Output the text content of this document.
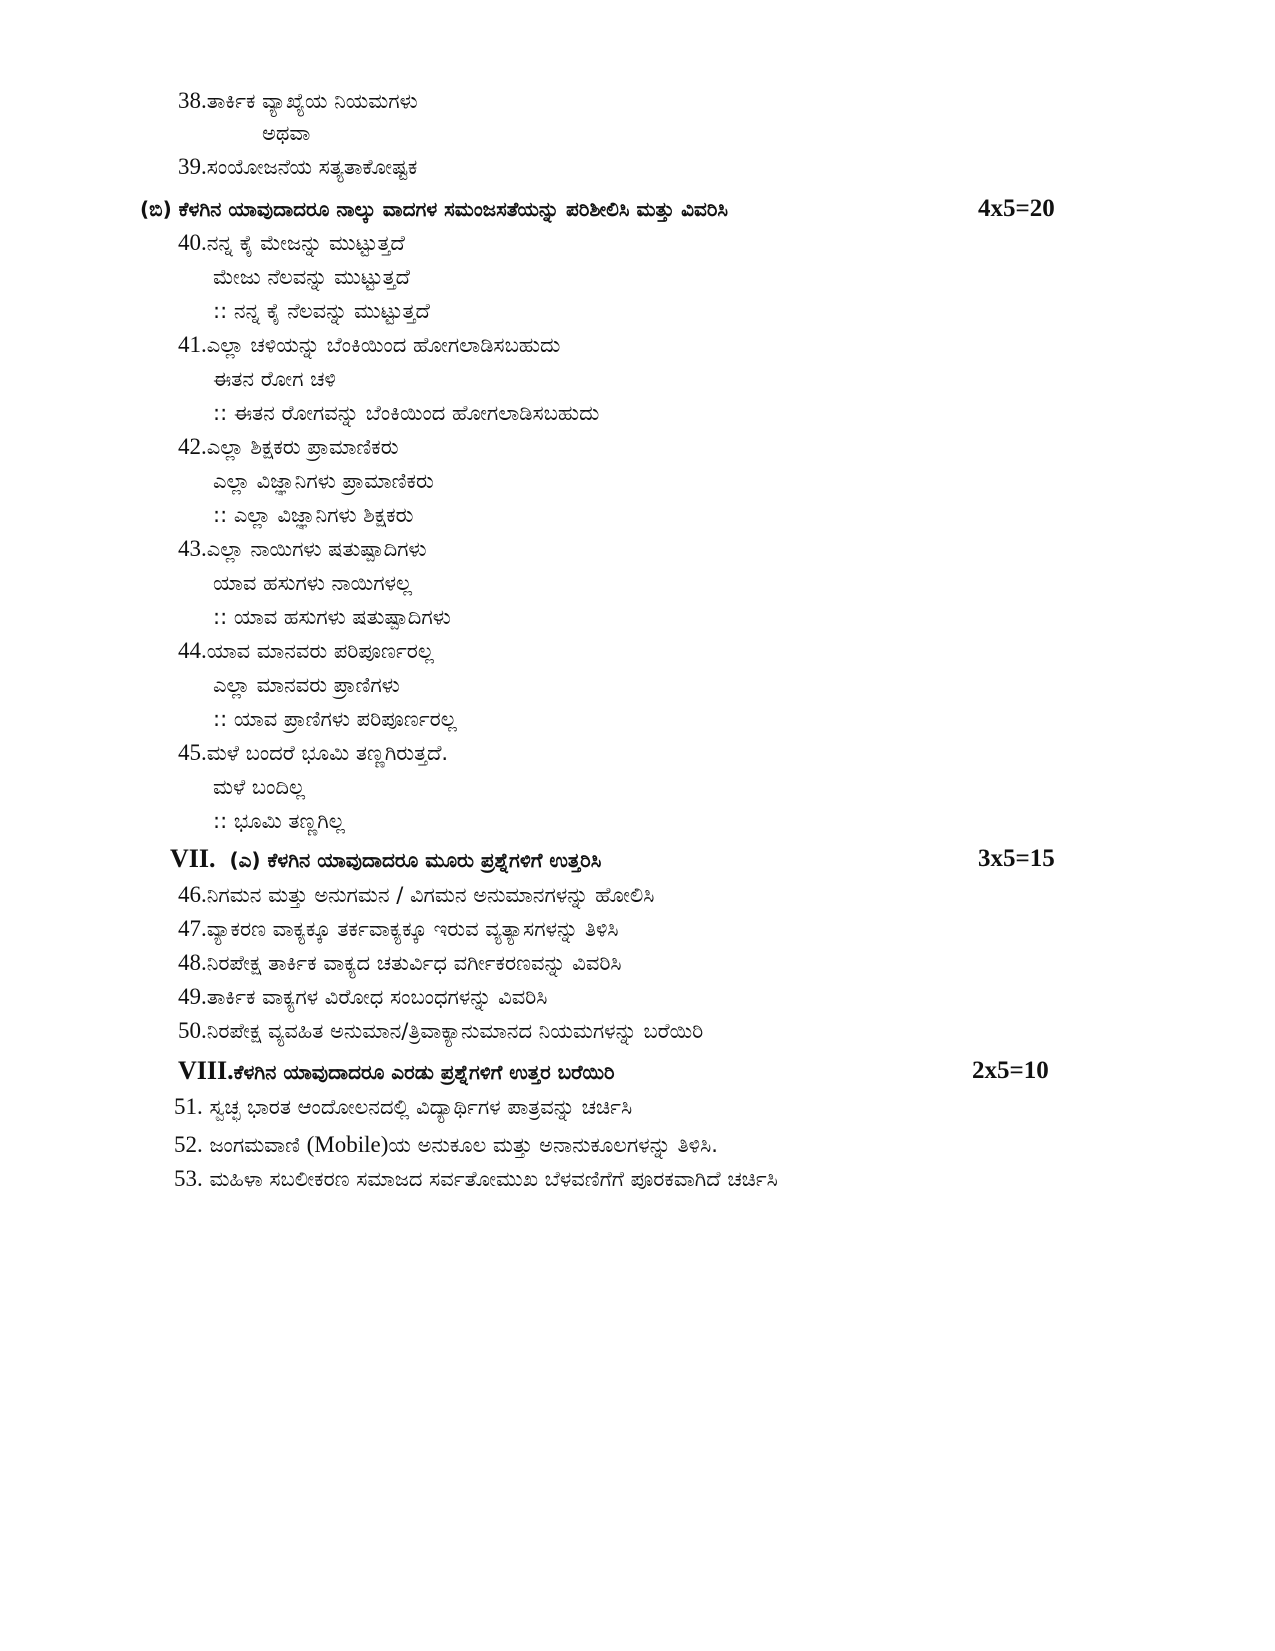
38.ತಾರ್ಕಿಕ ವ್ಯಾಖ್ಯೆಯ ನಿಯಮಗಳು
ಅಥವಾ
39.ಸಂಯೋಜನೆಯ ಸತ್ಯತಾಕೋಷ್ಟಕ
(ಬಿ) ಕೆಳಗಿನ ಯಾವುದಾದರೂ ನಾಲ್ಕು ವಾದಗಳ ಸಮಂಜಸತೆಯನ್ನು ಪರಿಶೀಲಿಸಿ ಮತ್ತು ವಿವರಿಸಿ	4x5=20
40.ನನ್ನ ಕೈ ಮೇಜನ್ನು ಮುಟ್ಟುತ್ತದೆ
ಮೇಜು ನೆಲವನ್ನು ಮುಟ್ಟುತ್ತದೆ
:: ನನ್ನ ಕೈ ನೆಲವನ್ನು ಮುಟ್ಟುತ್ತದೆ
41.ಎಲ್ಲಾ ಚಳಿಯನ್ನು ಬೆಂಕಿಯಿಂದ ಹೋಗಲಾಡಿಸಬಹುದು
ಈತನ ರೋಗ ಚಳಿ
:: ಈತನ ರೋಗವನ್ನು ಬೆಂಕಿಯಿಂದ ಹೋಗಲಾಡಿಸಬಹುದು
42.ಎಲ್ಲಾ ಶಿಕ್ಷಕರು ಪ್ರಾಮಾಣಿಕರು
ಎಲ್ಲಾ ವಿಜ್ಞಾನಿಗಳು ಪ್ರಾಮಾಣಿಕರು
:: ಎಲ್ಲಾ ವಿಜ್ಞಾನಿಗಳು ಶಿಕ್ಷಕರು
43.ಎಲ್ಲಾ ನಾಯಿಗಳು ಷತುಷ್ಪಾದಿಗಳು
ಯಾವ ಹಸುಗಳು ನಾಯಿಗಳಲ್ಲ
:: ಯಾವ ಹಸುಗಳು ಷತುಷ್ಪಾದಿಗಳು
44.ಯಾವ ಮಾನವರು ಪರಿಪೂರ್ಣರಲ್ಲ
ಎಲ್ಲಾ ಮಾನವರು ಪ್ರಾಣಿಗಳು
:: ಯಾವ ಪ್ರಾಣಿಗಳು ಪರಿಪೂರ್ಣರಲ್ಲ
45.ಮಳೆ ಬಂದರೆ ಭೂಮಿ ತಣ್ಣಗಿರುತ್ತದೆ.
ಮಳೆ ಬಂದಿಲ್ಲ
:: ಭೂಮಿ ತಣ್ಣಗಿಲ್ಲ
VII. (ಎ) ಕೆಳಗಿನ ಯಾವುದಾದರೂ ಮೂರು ಪ್ರಶ್ನೆಗಳಿಗೆ ಉತ್ತರಿಸಿ	3x5=15
46.ನಿಗಮನ ಮತ್ತು ಅನುಗಮನ / ವಿಗಮನ ಅನುಮಾನಗಳನ್ನು ಹೋಲಿಸಿ
47.ವ್ಯಾಕರಣ ವಾಕ್ಯಕ್ಕೂ ತರ್ಕವಾಕ್ಯಕ್ಕೂ ಇರುವ ವ್ಯತ್ಯಾಸಗಳನ್ನು ತಿಳಿಸಿ
48.ನಿರಪೇಕ್ಷ ತಾರ್ಕಿಕ ವಾಕ್ಯದ ಚತುರ್ವಿಧ ವರ್ಗೀಕರಣವನ್ನು ವಿವರಿಸಿ
49.ತಾರ್ಕಿಕ ವಾಕ್ಯಗಳ ವಿರೋಧ ಸಂಬಂಧಗಳನ್ನು ವಿವರಿಸಿ
50.ನಿರಪೇಕ್ಷ ವ್ಯವಹಿತ ಅನುಮಾನ/ತ್ರಿವಾಕ್ಯಾನುಮಾನದ ನಿಯಮಗಳನ್ನು ಬರೆಯಿರಿ
VIII.ಕೆಳಗಿನ ಯಾವುದಾದರೂ ಎರಡು ಪ್ರಶ್ನೆಗಳಿಗೆ ಉತ್ತರ ಬರೆಯಿರಿ	2x5=10
51. ಸ್ವಚ್ಛ ಭಾರತ ಆಂದೋಲನದಲ್ಲಿ ವಿದ್ಯಾರ್ಥಿಗಳ ಪಾತ್ರವನ್ನು ಚರ್ಚಿಸಿ
52. ಜಂಗಮವಾಣಿ (Mobile)ಯ ಅನುಕೂಲ ಮತ್ತು ಅನಾನುಕೂಲಗಳನ್ನು ತಿಳಿಸಿ.
53. ಮಹಿಳಾ ಸಬಲೀಕರಣ ಸಮಾಜದ ಸರ್ವತೋಮುಖ ಬೆಳವಣಿಗೆಗೆ ಪೂರಕವಾಗಿದೆ ಚರ್ಚಿಸಿ
